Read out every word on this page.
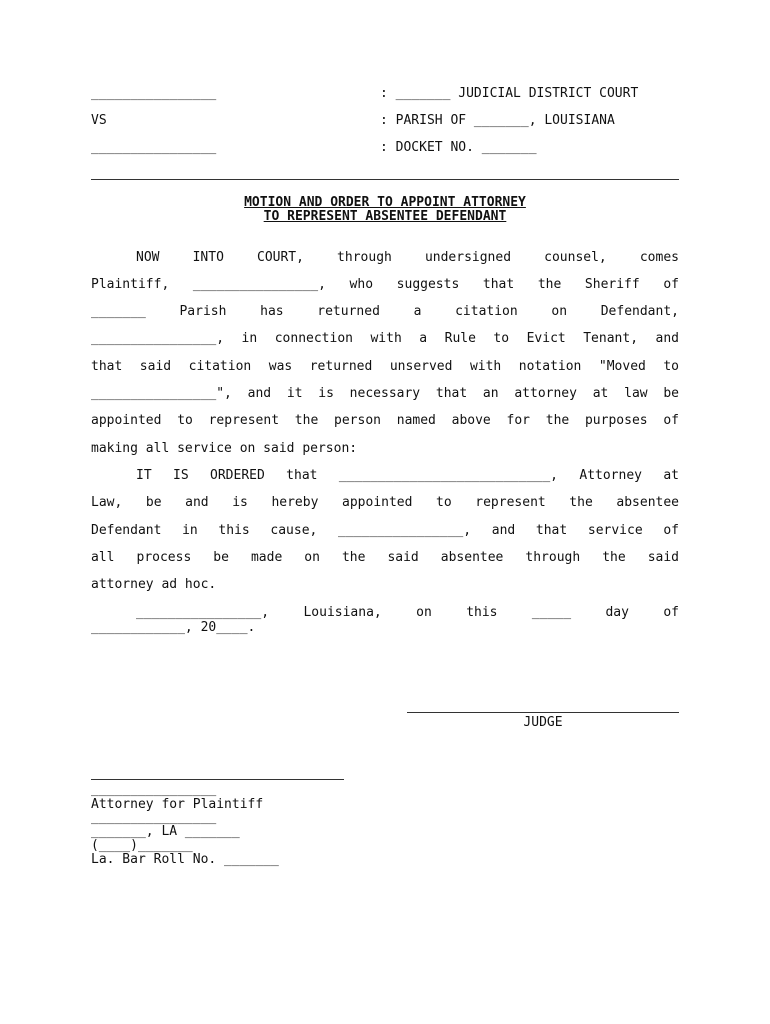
________________	: _______ JUDICIAL DISTRICT COURT
VS	: PARISH OF _______, LOUISIANA
________________	: DOCKET NO. _______
MOTION AND ORDER TO APPOINT ATTORNEY
TO REPRESENT ABSENTEE DEFENDANT
NOW INTO COURT, through undersigned counsel, comes
Plaintiff, ________________, who suggests that the Sheriff of
_______ Parish has returned a citation on Defendant,
________________, in connection with a Rule to Evict Tenant, and
that said citation was returned unserved with notation "Moved to
________________", and it is necessary that an attorney at law be
appointed to represent the person named above for the purposes of
making all service on said person:
IT IS ORDERED that ___________________________, Attorney at
Law, be and is hereby appointed to represent the absentee
Defendant in this cause, ________________, and that service of
all process be made on the said absentee through the said
attorney ad hoc.
________________, Louisiana, on this _____ day of
____________, 20____.
JUDGE
________________
Attorney for Plaintiff
________________
_______, LA _______
(____)_______
La. Bar Roll No. _______
